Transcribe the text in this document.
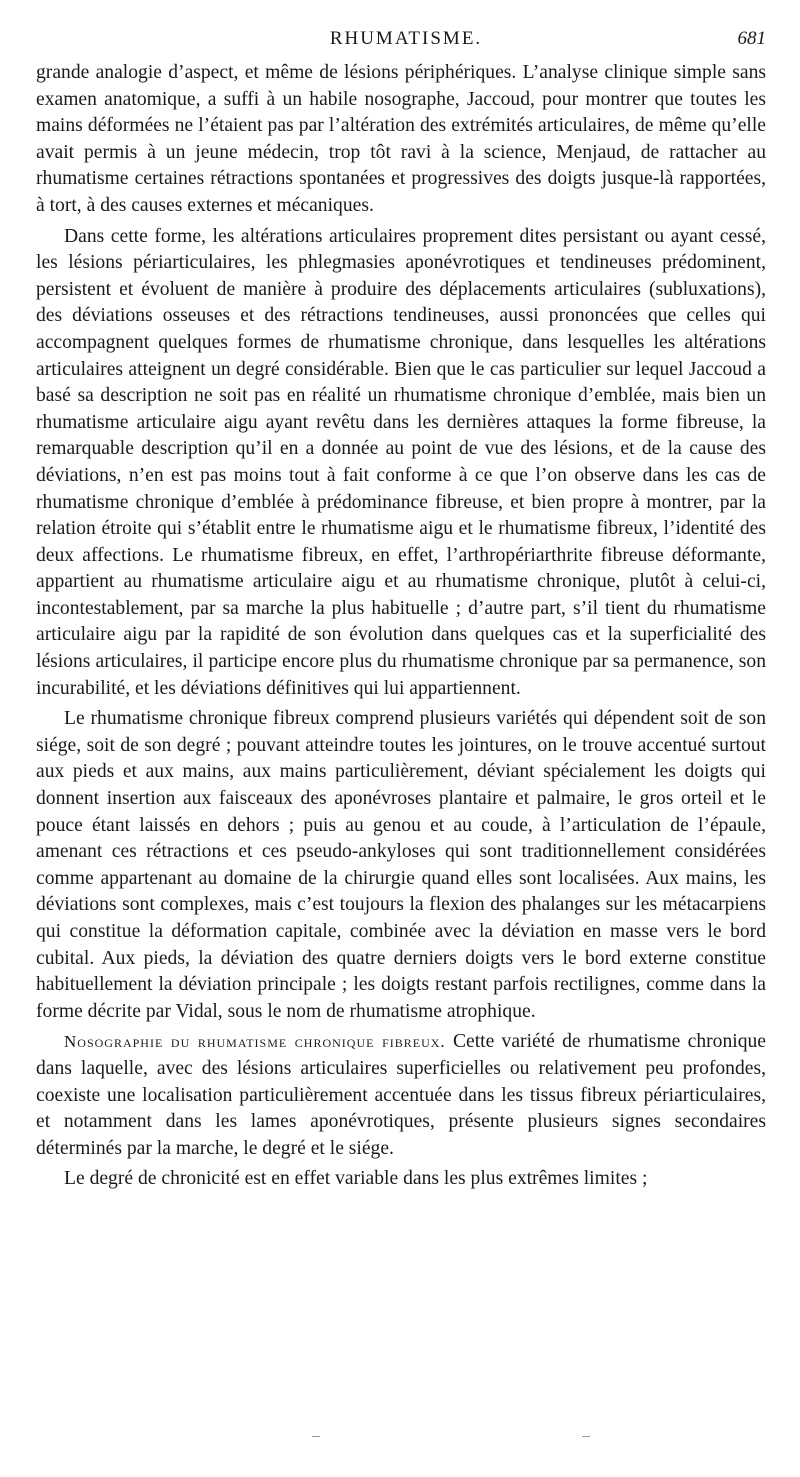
RHUMATISME.	681

grande analogie d’aspect, et même de lésions périphériques. L’analyse clinique simple sans examen anatomique, a suffi à un habile nosographe, Jaccoud, pour montrer que toutes les mains déformées ne l’étaient pas par l’altération des extrémités articulaires, de même qu’elle avait permis à un jeune médecin, trop tôt ravi à la science, Menjaud, de rattacher au rhumatisme certaines rétractions spontanées et progressives des doigts jusque-là rapportées, à tort, à des causes externes et mécaniques.

Dans cette forme, les altérations articulaires proprement dites persistant ou ayant cessé, les lésions périarticulaires, les phlegmasies aponévrotiques et tendineuses prédominent, persistent et évoluent de manière à produire des déplacements articulaires (subluxations), des déviations osseuses et des rétractions tendineuses, aussi prononcées que celles qui accompagnent quelques formes de rhumatisme chronique, dans lesquelles les altérations articulaires atteignent un degré considérable. Bien que le cas particulier sur lequel Jaccoud a basé sa description ne soit pas en réalité un rhumatisme chronique d’emblée, mais bien un rhumatisme articulaire aigu ayant revêtu dans les dernières attaques la forme fibreuse, la remarquable description qu’il en a donnée au point de vue des lésions, et de la cause des déviations, n’en est pas moins tout à fait conforme à ce que l’on observe dans les cas de rhumatisme chronique d’emblée à prédominance fibreuse, et bien propre à montrer, par la relation étroite qui s’établit entre le rhumatisme aigu et le rhumatisme fibreux, l’identité des deux affections. Le rhumatisme fibreux, en effet, l’arthropériarthrite fibreuse déformante, appartient au rhumatisme articulaire aigu et au rhumatisme chronique, plutôt à celui-ci, incontestablement, par sa marche la plus habituelle ; d’autre part, s’il tient du rhumatisme articulaire aigu par la rapidité de son évolution dans quelques cas et la superficialité des lésions articulaires, il participe encore plus du rhumatisme chronique par sa permanence, son incurabilité, et les déviations définitives qui lui appartiennent.

Le rhumatisme chronique fibreux comprend plusieurs variétés qui dépendent soit de son siége, soit de son degré ; pouvant atteindre toutes les jointures, on le trouve accentué surtout aux pieds et aux mains, aux mains particulièrement, déviant spécialement les doigts qui donnent insertion aux faisceaux des aponévroses plantaire et palmaire, le gros orteil et le pouce étant laissés en dehors ; puis au genou et au coude, à l’articulation de l’épaule, amenant ces rétractions et ces pseudo-ankyloses qui sont traditionnellement considérées comme appartenant au domaine de la chirurgie quand elles sont localisées. Aux mains, les déviations sont complexes, mais c’est toujours la flexion des phalanges sur les métacarpiens qui constitue la déformation capitale, combinée avec la déviation en masse vers le bord cubital. Aux pieds, la déviation des quatre derniers doigts vers le bord externe constitue habituellement la déviation principale ; les doigts restant parfois rectilignes, comme dans la forme décrite par Vidal, sous le nom de rhumatisme atrophique.

Nosographie du rhumatisme chronique fibreux. Cette variété de rhumatisme chronique dans laquelle, avec des lésions articulaires superficielles ou relativement peu profondes, coexiste une localisation particulièrement accentuée dans les tissus fibreux périarticulaires, et notamment dans les lames aponévrotiques, présente plusieurs signes secondaires déterminés par la marche, le degré et le siége.

Le degré de chronicité est en effet variable dans les plus extrêmes limites ;
